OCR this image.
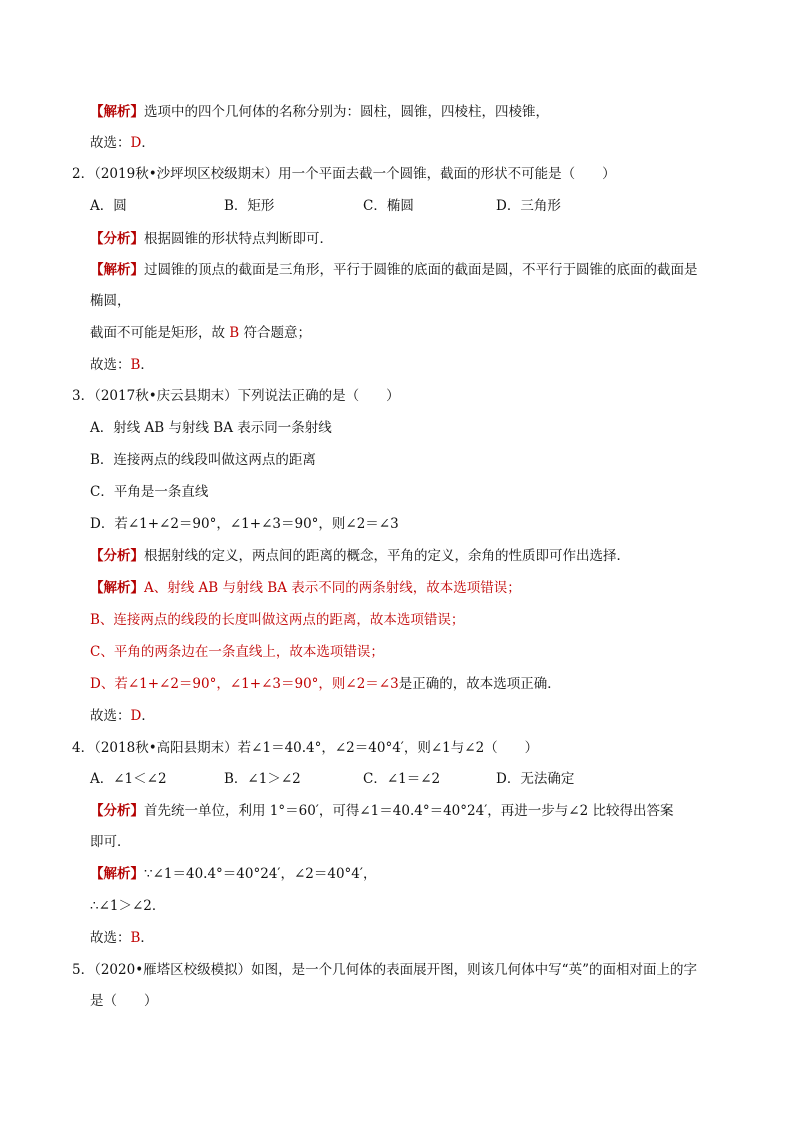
【解析】选项中的四个几何体的名称分别为：圆柱，圆锥，四棱柱，四棱锥，
故选：D．
2．（2019秋•沙坪坝区校级期末）用一个平面去截一个圆锥，截面的形状不可能是（　　）
A．圆	B．矩形	C．椭圆	D．三角形
【分析】根据圆锥的形状特点判断即可．
【解析】过圆锥的顶点的截面是三角形，平行于圆锥的底面的截面是圆，不平行于圆锥的底面的截面是
椭圆，
截面不可能是矩形，故 B 符合题意；
故选：B．
3．（2017秋•庆云县期末）下列说法正确的是（　　）
A．射线 AB 与射线 BA 表示同一条射线
B．连接两点的线段叫做这两点的距离
C．平角是一条直线
D．若∠1+∠2＝90°，∠1+∠3＝90°，则∠2＝∠3
【分析】根据射线的定义，两点间的距离的概念，平角的定义，余角的性质即可作出选择．
【解析】A、射线 AB 与射线 BA 表示不同的两条射线，故本选项错误；
B、连接两点的线段的长度叫做这两点的距离，故本选项错误；
C、平角的两条边在一条直线上，故本选项错误；
D、若∠1+∠2＝90°，∠1+∠3＝90°，则∠2＝∠3是正确的，故本选项正确．
故选：D．
4．（2018秋•高阳县期末）若∠1＝40.4°，∠2＝40°4′，则∠1与∠2（　　）
A．∠1＜∠2	B．∠1＞∠2	C．∠1＝∠2	D．无法确定
【分析】首先统一单位，利用 1°＝60′，可得∠1＝40.4°＝40°24′，再进一步与∠2 比较得出答案
即可．
【解析】∵∠1＝40.4°＝40°24′，∠2＝40°4′，
∴∠1＞∠2．
故选：B．
5．（2020•雁塔区校级模拟）如图，是一个几何体的表面展开图，则该几何体中写“英”的面相对面上的字
是（　　）
